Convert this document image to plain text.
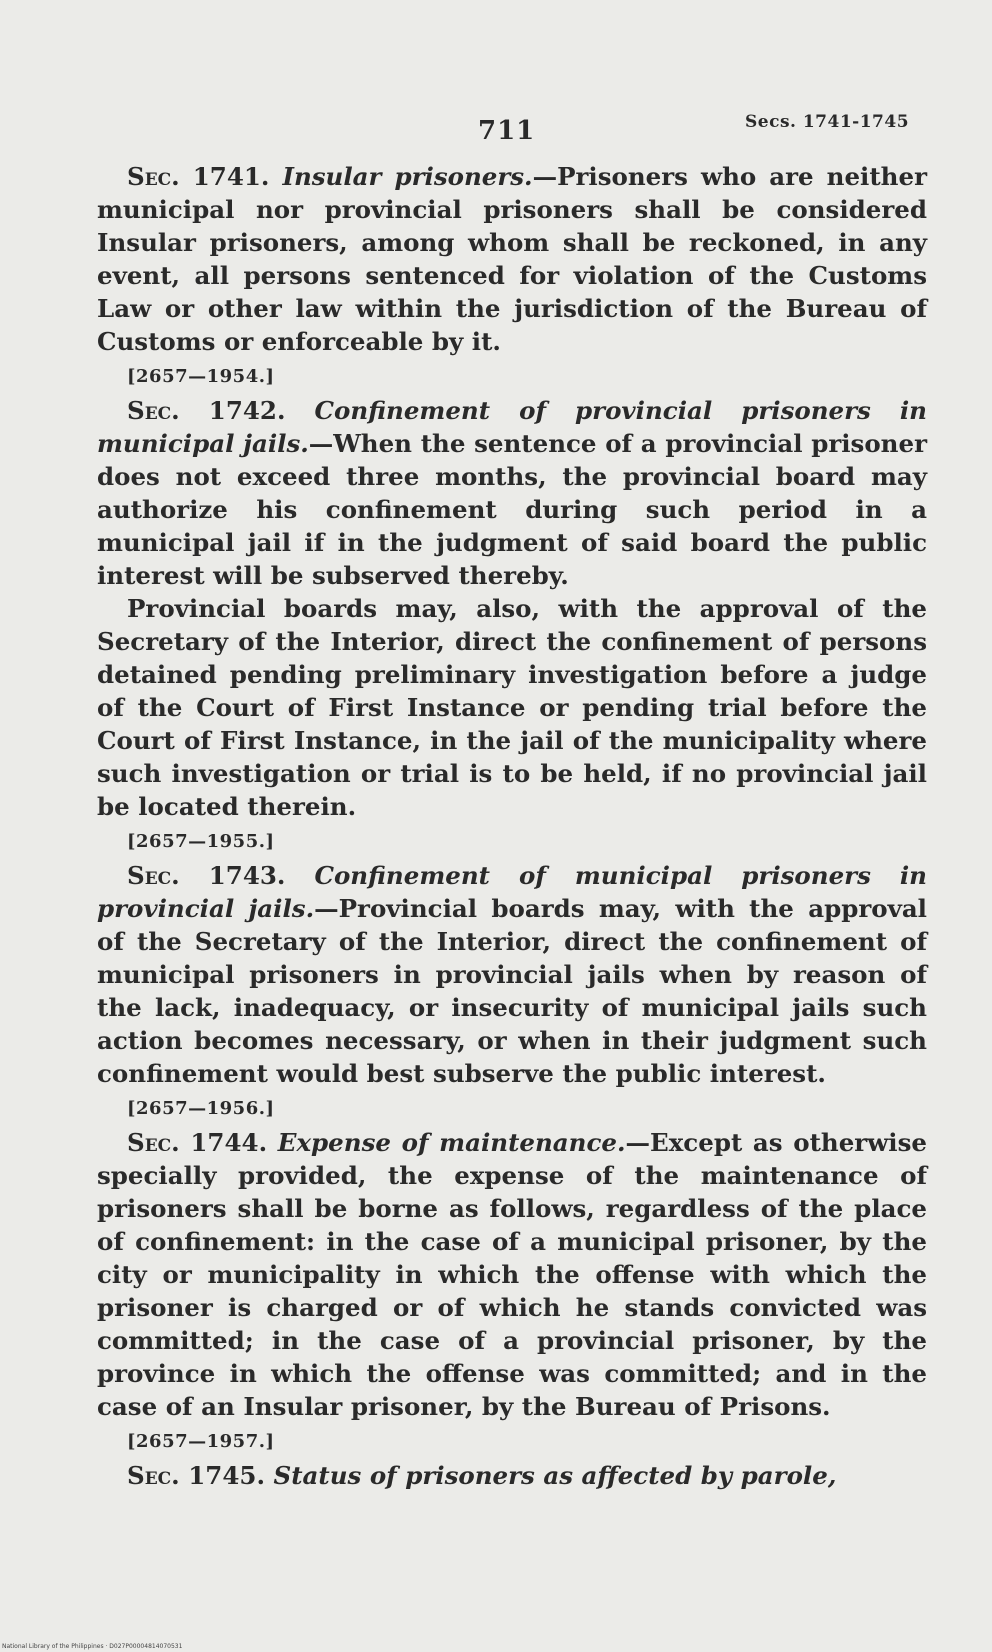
711	Secs. 1741-1745

Sec. 1741. Insular prisoners.—Prisoners who are neither municipal nor provincial prisoners shall be considered Insular prisoners, among whom shall be reckoned, in any event, all persons sentenced for violation of the Customs Law or other law within the jurisdiction of the Bureau of Customs or enforceable by it.

[2657—1954.]

Sec. 1742. Confinement of provincial prisoners in municipal jails.—When the sentence of a provincial prisoner does not exceed three months, the provincial board may authorize his confinement during such period in a municipal jail if in the judgment of said board the public interest will be subserved thereby.

Provincial boards may, also, with the approval of the Secretary of the Interior, direct the confinement of persons detained pending preliminary investigation before a judge of the Court of First Instance or pending trial before the Court of First Instance, in the jail of the municipality where such investigation or trial is to be held, if no provincial jail be located therein.

[2657—1955.]

Sec. 1743. Confinement of municipal prisoners in provincial jails.—Provincial boards may, with the approval of the Secretary of the Interior, direct the confinement of municipal prisoners in provincial jails when by reason of the lack, inadequacy, or insecurity of municipal jails such action becomes necessary, or when in their judgment such confinement would best subserve the public interest.

[2657—1956.]

Sec. 1744. Expense of maintenance.—Except as otherwise specially provided, the expense of the maintenance of prisoners shall be borne as follows, regardless of the place of confinement: in the case of a municipal prisoner, by the city or municipality in which the offense with which the prisoner is charged or of which he stands convicted was committed; in the case of a provincial prisoner, by the province in which the offense was committed; and in the case of an Insular prisoner, by the Bureau of Prisons.

[2657—1957.]

Sec. 1745. Status of prisoners as affected by parole,

National Library of the Philippines · D027P00004814070531
